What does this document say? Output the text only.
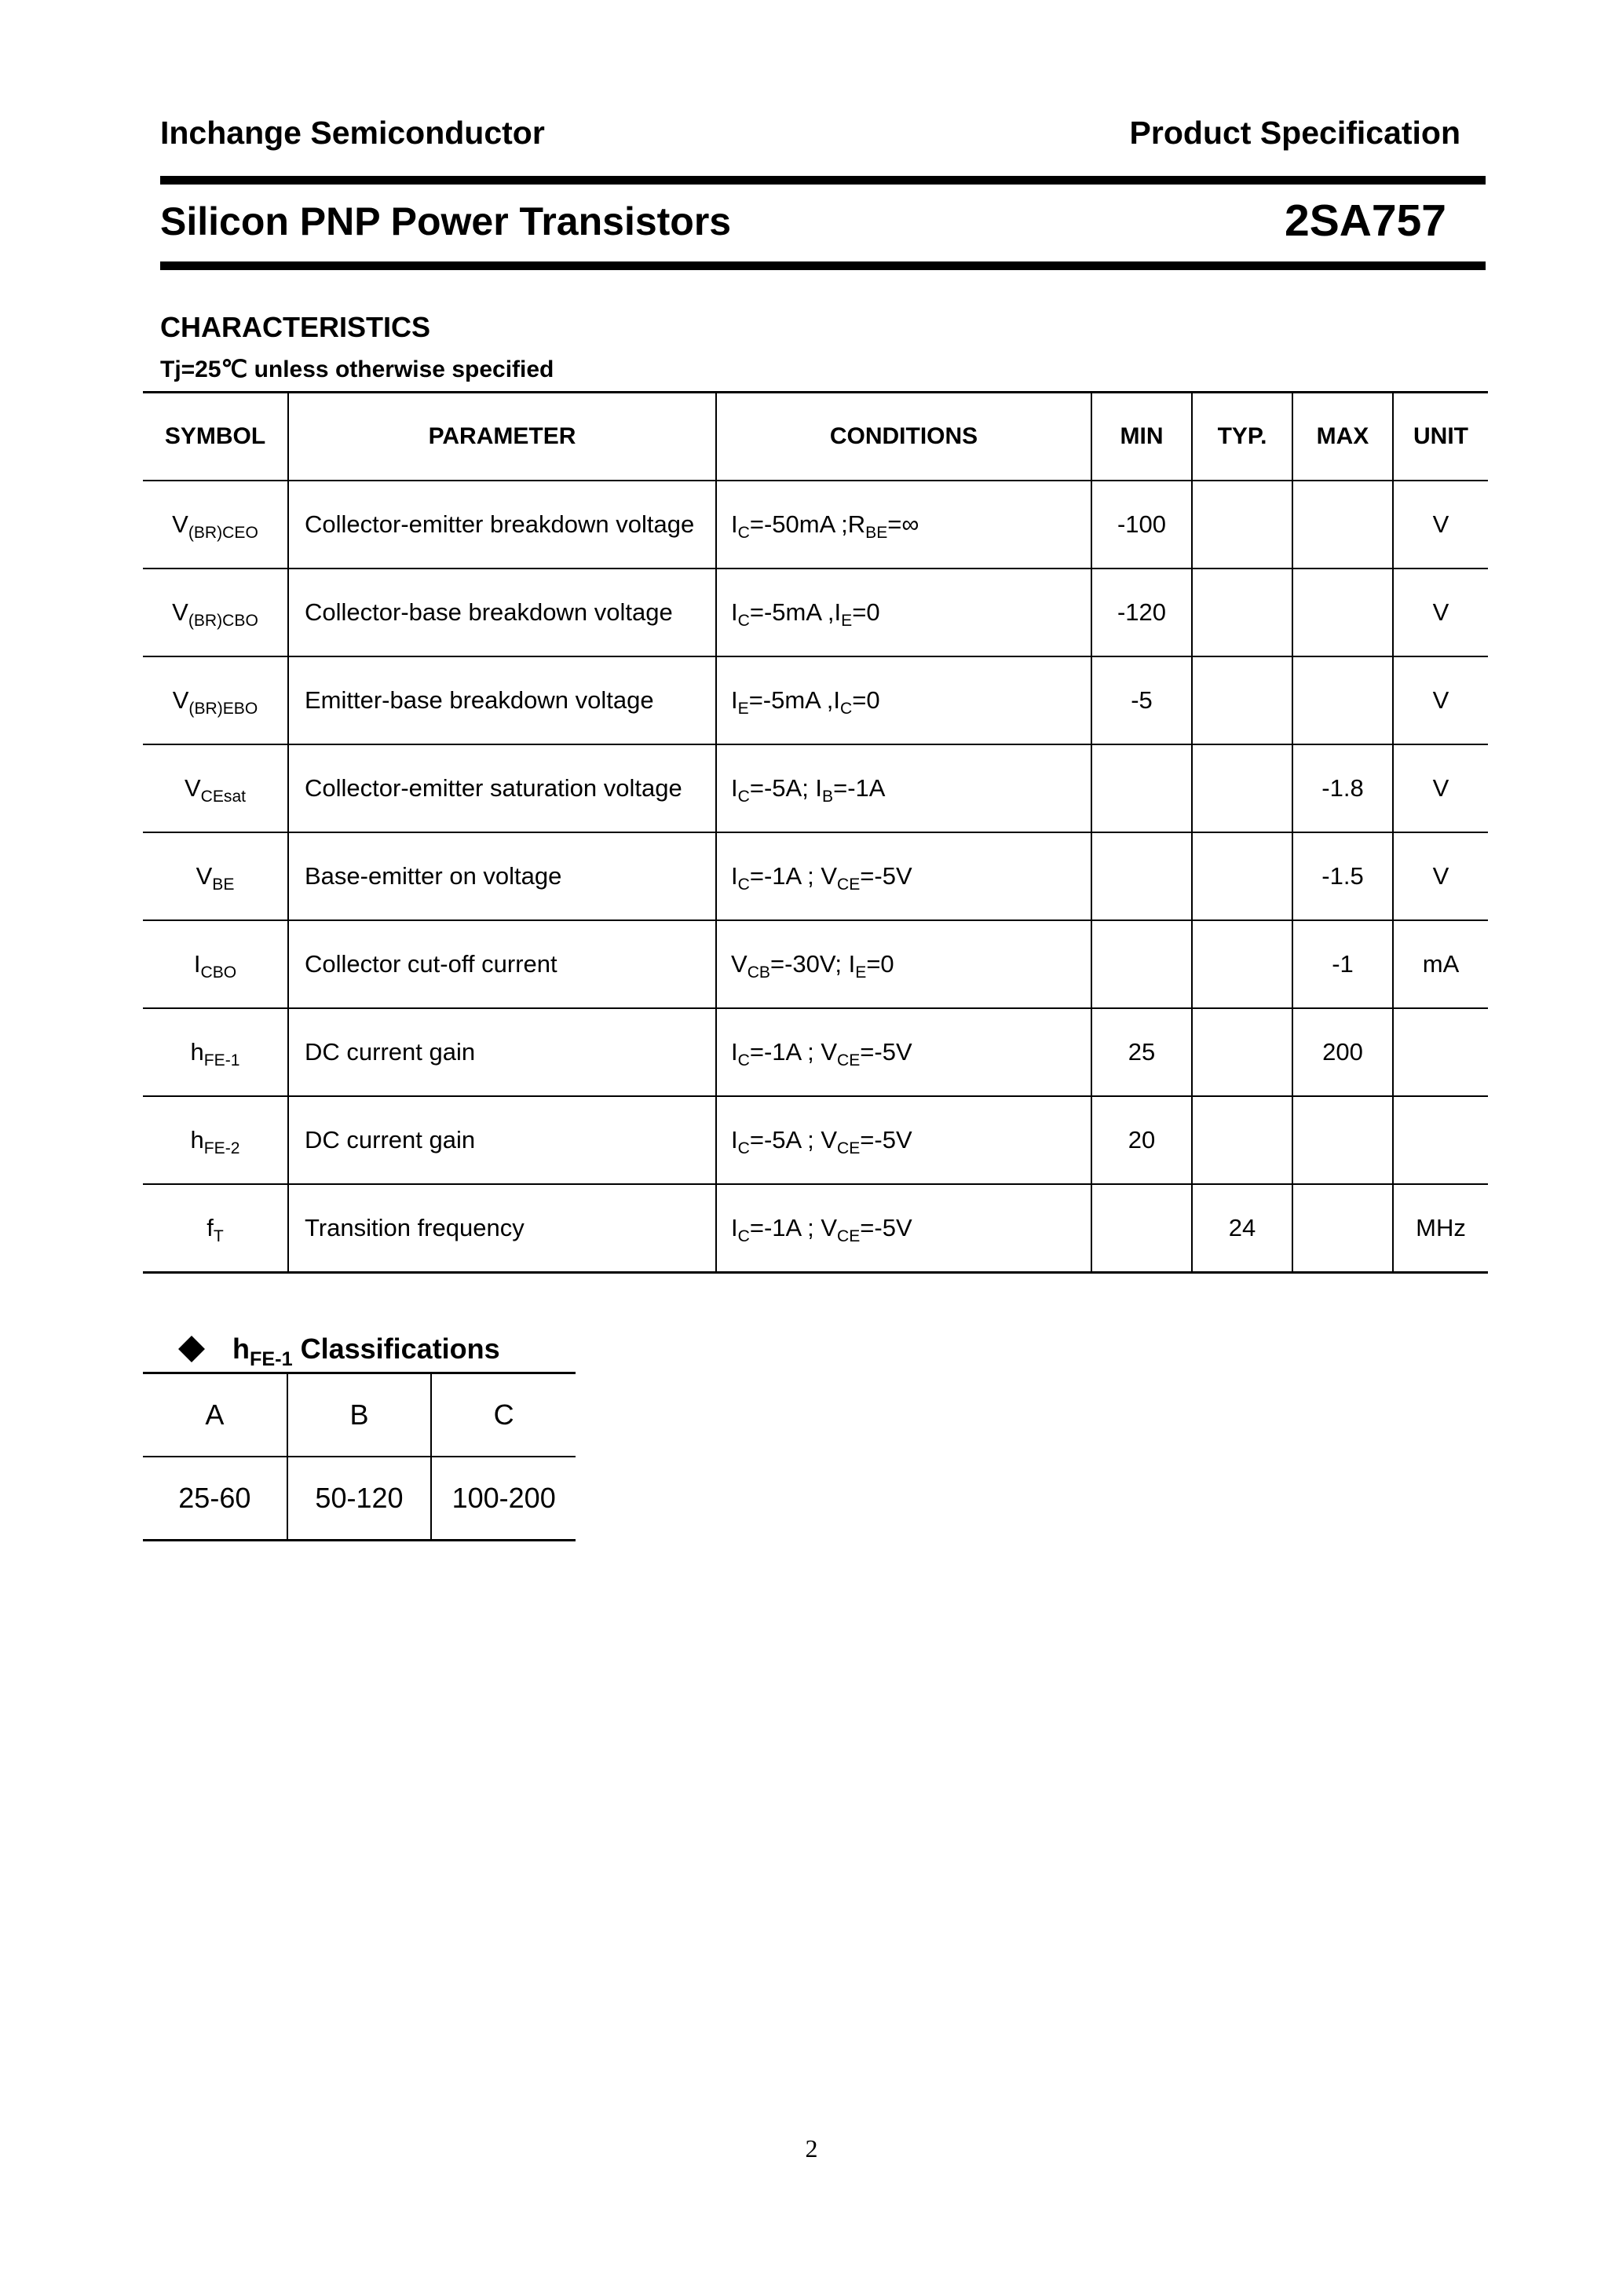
Inchange Semiconductor	Product Specification
Silicon PNP Power Transistors	2SA757
CHARACTERISTICS
Tj=25℃ unless otherwise specified
SYMBOL	PARAMETER	CONDITIONS	MIN	TYP.	MAX	UNIT
$V_{(BR)CEO}$	Collector-emitter breakdown voltage	$I_C=-50mA$ $;R_{BE}=\infty$	-100			V
$V_{(BR)CBO}$	Collector-base breakdown voltage	$I_C=-5mA$ $,I_E=0$	-120			V
$V_{(BR)EBO}$	Emitter-base breakdown voltage	$I_E=-5mA$ $,I_C=0$	-5			V
$V_{CEsat}$	Collector-emitter saturation voltage	$I_C=-5A$; $I_B=-1A$			-1.8	V
$V_{BE}$	Base-emitter on voltage	$I_C=-1A$ ; $V_{CE}=-5V$			-1.5	V
$I_{CBO}$	Collector cut-off current	$V_{CB}=-30V$; $I_E=0$			-1	mA
$h_{FE-1}$	DC current gain	$I_C=-1A$ ; $V_{CE}=-5V$	25		200	
$h_{FE-2}$	DC current gain	$I_C=-5A$ ; $V_{CE}=-5V$	20			
$f_T$	Transition frequency	$I_C=-1A$ ; $V_{CE}=-5V$		24		MHz
$h_{FE-1}$ Classifications
A	B	C
25-60	50-120	100-200
2
